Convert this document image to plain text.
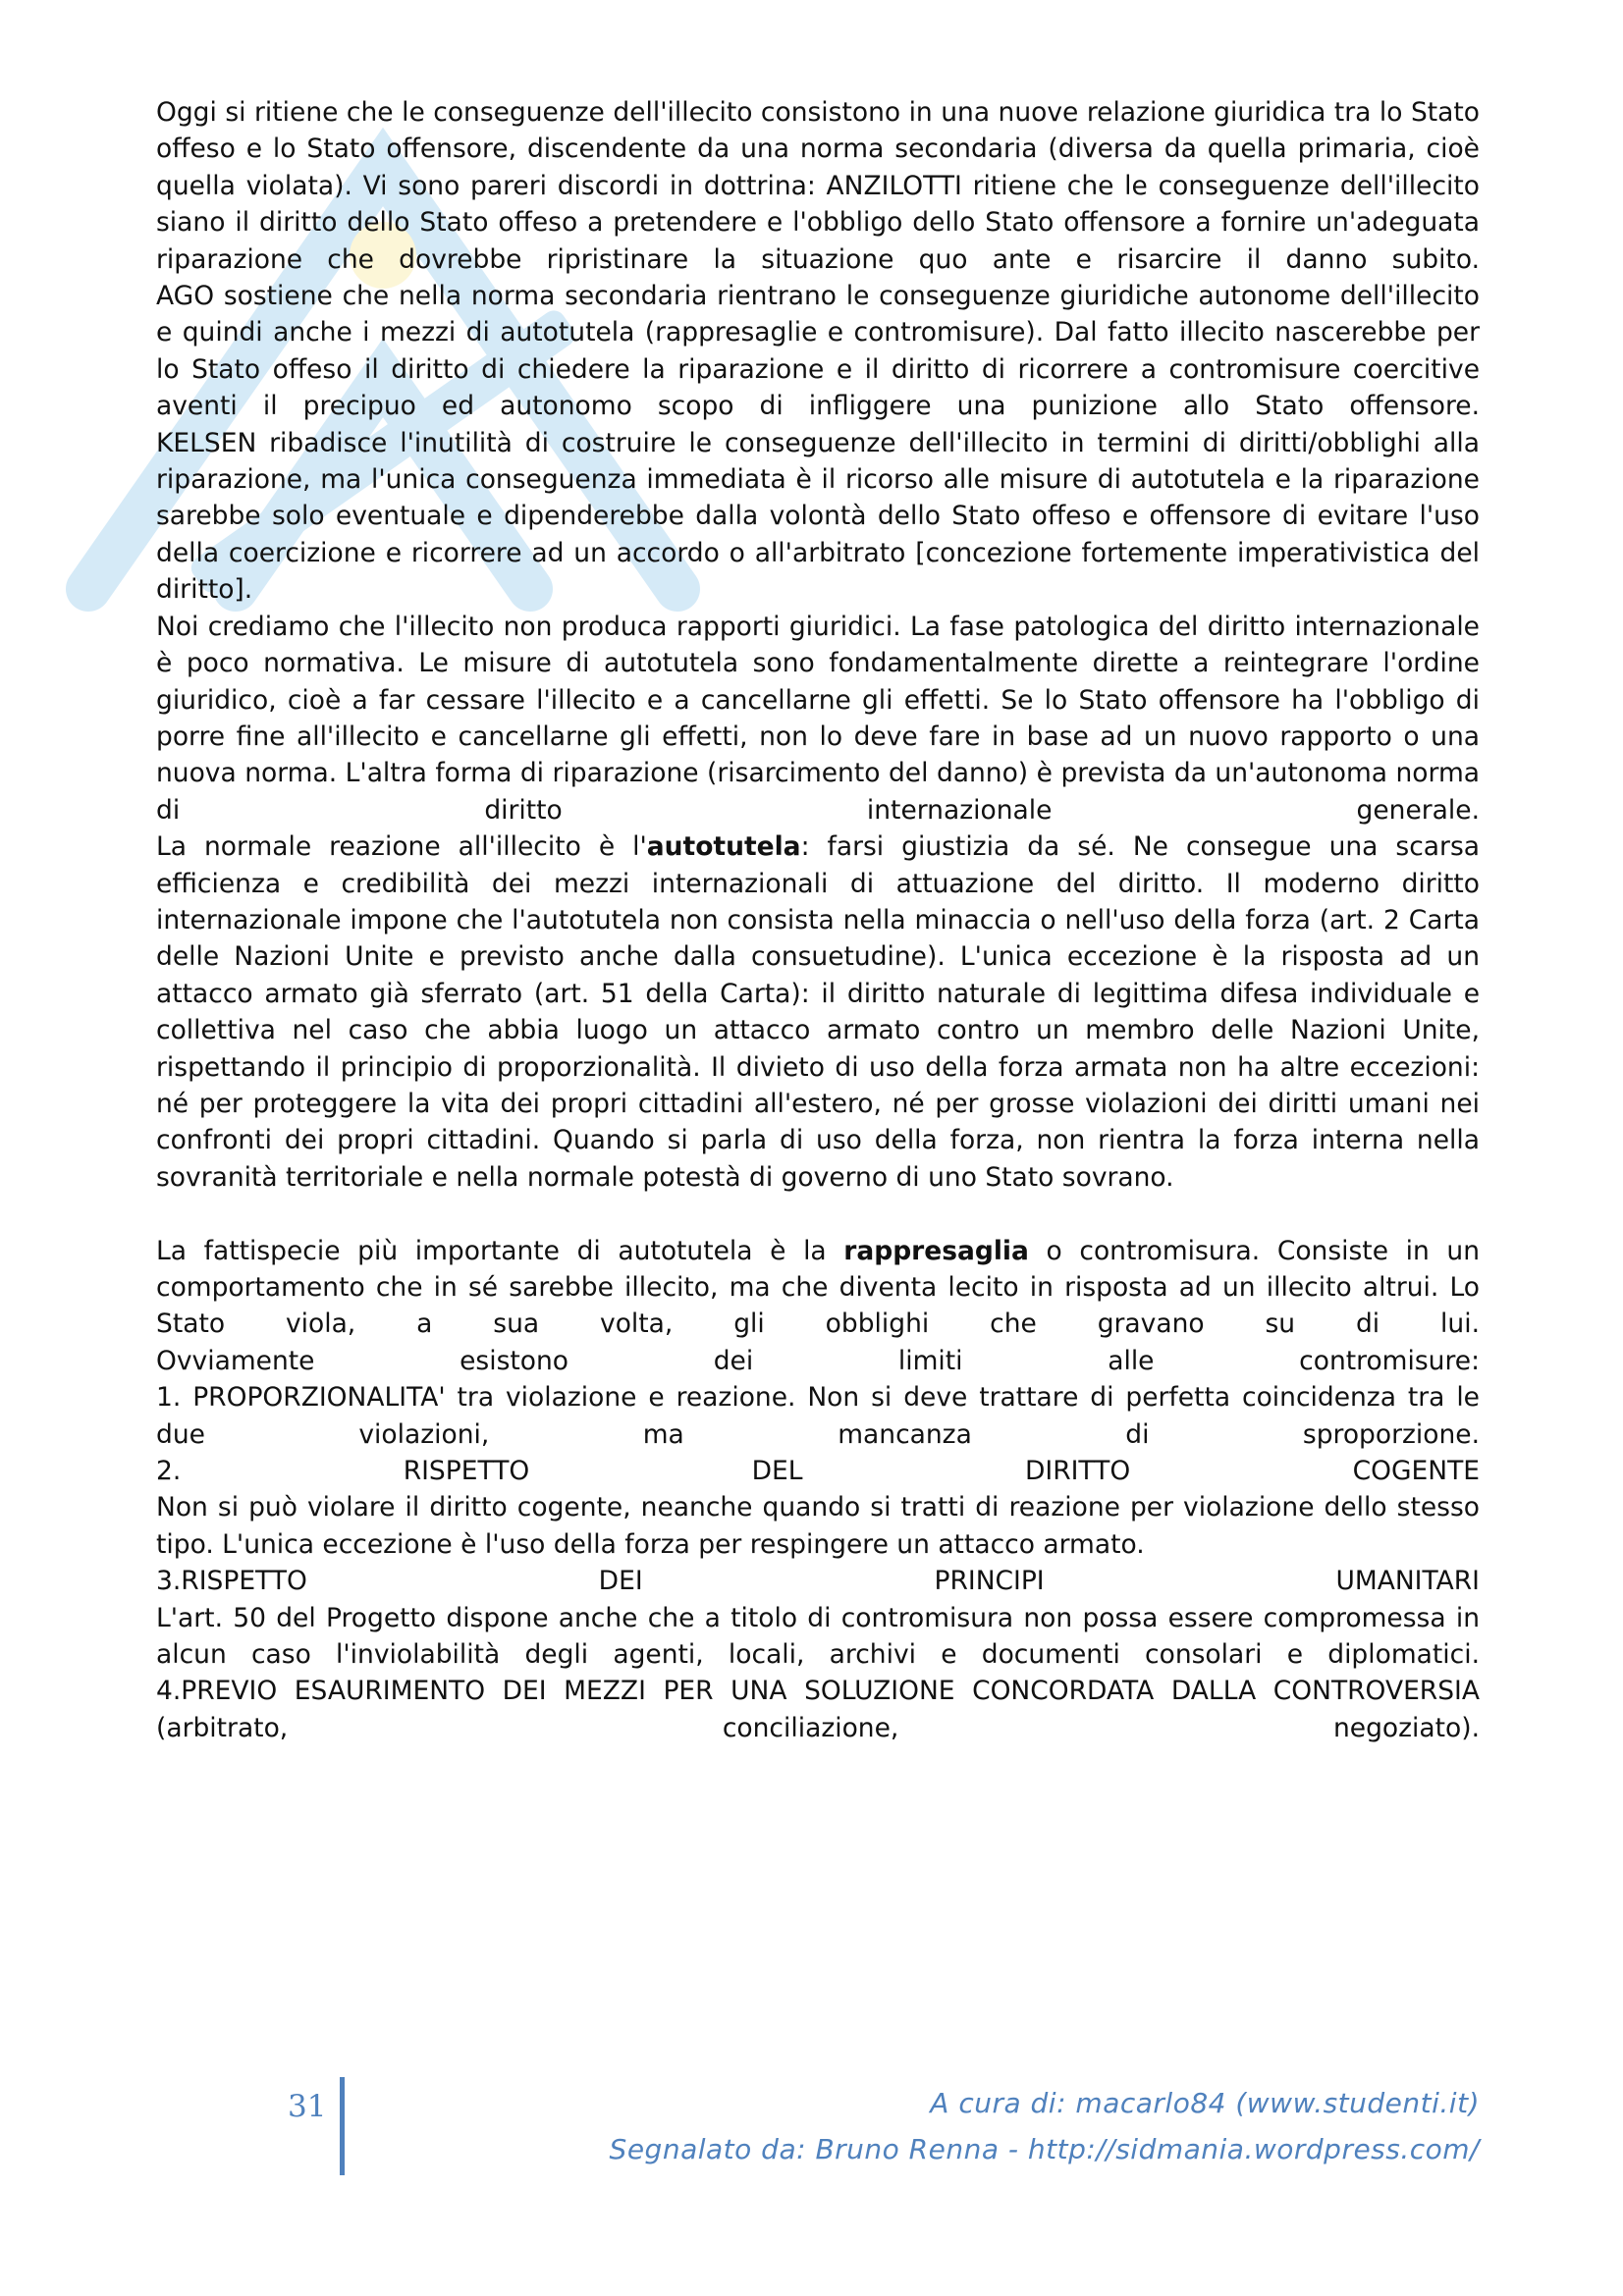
Oggi si ritiene che le conseguenze dell'illecito consistono in una nuove relazione giuridica tra lo Stato offeso e lo Stato offensore, discendente da una norma secondaria (diversa da quella primaria, cioè quella violata). Vi sono pareri discordi in dottrina: ANZILOTTI ritiene che le conseguenze dell'illecito siano il diritto dello Stato offeso a pretendere e l'obbligo dello Stato offensore a fornire un'adeguata riparazione che dovrebbe ripristinare la situazione quo ante e risarcire il danno subito.

AGO sostiene che nella norma secondaria rientrano le conseguenze giuridiche autonome dell'illecito e quindi anche i mezzi di autotutela (rappresaglie e contromisure). Dal fatto illecito nascerebbe per lo Stato offeso il diritto di chiedere la riparazione e il diritto di ricorrere a contromisure coercitive aventi il precipuo ed autonomo scopo di infliggere una punizione allo Stato offensore.

KELSEN ribadisce l'inutilità di costruire le conseguenze dell'illecito in termini di diritti/obblighi alla riparazione, ma l'unica conseguenza immediata è il ricorso alle misure di autotutela e la riparazione sarebbe solo eventuale e dipenderebbe dalla volontà dello Stato offeso e offensore di evitare l'uso della coercizione e ricorrere ad un accordo o all'arbitrato [concezione fortemente imperativistica del diritto].

Noi crediamo che l'illecito non produca rapporti giuridici. La fase patologica del diritto internazionale è poco normativa. Le misure di autotutela sono fondamentalmente dirette a reintegrare l'ordine giuridico, cioè a far cessare l'illecito e a cancellarne gli effetti. Se lo Stato offensore ha l'obbligo di porre fine all'illecito e cancellarne gli effetti, non lo deve fare in base ad un nuovo rapporto o una nuova norma. L'altra forma di riparazione (risarcimento del danno) è prevista da un'autonoma norma di diritto internazionale generale.

La normale reazione all'illecito è l'autotutela: farsi giustizia da sé. Ne consegue una scarsa efficienza e credibilità dei mezzi internazionali di attuazione del diritto. Il moderno diritto internazionale impone che l'autotutela non consista nella minaccia o nell'uso della forza (art. 2 Carta delle Nazioni Unite e previsto anche dalla consuetudine). L'unica eccezione è la risposta ad un attacco armato già sferrato (art. 51 della Carta): il diritto naturale di legittima difesa individuale e collettiva nel caso che abbia luogo un attacco armato contro un membro delle Nazioni Unite, rispettando il principio di proporzionalità. Il divieto di uso della forza armata non ha altre eccezioni: né per proteggere la vita dei propri cittadini all'estero, né per grosse violazioni dei diritti umani nei confronti dei propri cittadini. Quando si parla di uso della forza, non rientra la forza interna nella sovranità territoriale e nella normale potestà di governo di uno Stato sovrano.

La fattispecie più importante di autotutela è la rappresaglia o contromisura. Consiste in un comportamento che in sé sarebbe illecito, ma che diventa lecito in risposta ad un illecito altrui. Lo Stato viola, a sua volta, gli obblighi che gravano su di lui.

Ovviamente esistono dei limiti alle contromisure:

1. PROPORZIONALITA' tra violazione e reazione. Non si deve trattare di perfetta coincidenza tra le due violazioni, ma mancanza di sproporzione.

2. RISPETTO DEL DIRITTO COGENTE

Non si può violare il diritto cogente, neanche quando si tratti di reazione per violazione dello stesso tipo. L'unica eccezione è l'uso della forza per respingere un attacco armato.

3.RISPETTO DEI PRINCIPI UMANITARI

L'art. 50 del Progetto dispone anche che a titolo di contromisura non possa essere compromessa in alcun caso l'inviolabilità degli agenti, locali, archivi e documenti consolari e diplomatici.

4.PREVIO ESAURIMENTO DEI MEZZI PER UNA SOLUZIONE CONCORDATA DALLA CONTROVERSIA (arbitrato, conciliazione, negoziato).

31	A cura di: macarlo84 (www.studenti.it)
Segnalato da: Bruno Renna - http://sidmania.wordpress.com/
